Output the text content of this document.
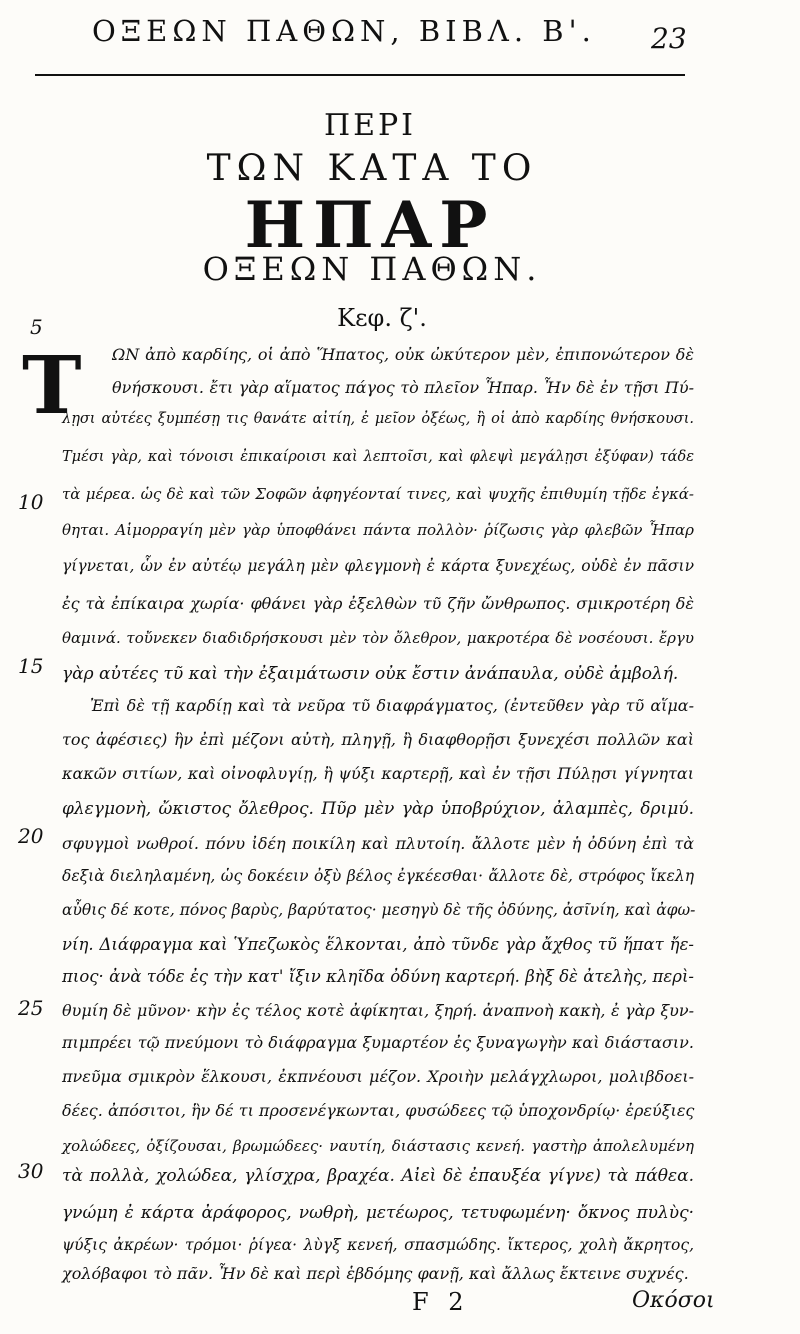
ΟΞΕΩΝ ΠΑΘΩΝ, ΒΙΒΛ. Β'. 23
ΠΕΡΙ
ΤΩΝ ΚΑΤΑ ΤΟ
ΗΠΑΡ
ΟΞΕΩΝ ΠΑΘΩΝ.
Κεφ. ζ'.
5
10
15
20
25
30
Τ ΩΝ ἀπὸ καρδίης, οἱ ἀπὸ Ἥπατος, οὐκ ὠκύτερον μὲν, ἐπιπονώτερον δὲ
θνήσκουσι. ἔτι γὰρ αἵματος πάγος τὸ πλεῖον Ἧπαρ. Ἦν δὲ ἐν τῇσι Πύ-
λῃσι αὐτέες ξυμπέσῃ τις θανάτε αἰτίη, ἐ μεῖον ὀξέως, ἢ οἱ ἀπὸ καρδίης θνήσκουσι.
Τμέσι γὰρ, καὶ τόνοισι ἐπικαίροισι καὶ λεπτοῖσι, καὶ φλεψὶ μεγάλῃσι ἐξύφαν) τάδε
τὰ μέρεα. ὡς δὲ καὶ τῶν Σοφῶν ἀφηγέονταί τινες, καὶ ψυχῆς ἐπιθυμίη τῇδε ἐγκά-
θηται. Αἱμορραγίη μὲν γὰρ ὑποφθάνει πάντα πολλὸν· ῥίζωσις γὰρ φλεβῶν Ἧπαρ
γίγνεται, ὧν ἐν αὐτέῳ μεγάλη μὲν φλεγμονὴ ἐ κάρτα ξυνεχέως, οὐδὲ ἐν πᾶσιν
ἐς τὰ ἐπίκαιρα χωρία· φθάνει γὰρ ἐξελθὼν τῦ ζῆν ὤνθρωπος. σμικροτέρη δὲ
θαμινά. τοὔνεκεν διαδιδρήσκουσι μὲν τὸν ὄλεθρον, μακροτέρα δὲ νοσέουσι. ἔργυ
γὰρ αὐτέες τῦ καὶ τὴν ἐξαιμάτωσιν οὐκ ἔστιν ἀνάπαυλα, οὐδὲ ἀμβολή.
Ἐπὶ δὲ τῇ καρδίῃ καὶ τὰ νεῦρα τῦ διαφράγματος, (ἐντεῦθεν γὰρ τῦ αἵμα-
τος ἀφέσιες) ἣν ἐπὶ μέζονι αὐτὴ, πληγῇ, ἢ διαφθορῇσι ξυνεχέσι πολλῶν καὶ
κακῶν σιτίων, καὶ οἰνοφλυγίῃ, ἢ ψύξι καρτερῇ, καὶ ἐν τῇσι Πύλῃσι γίγνηται
φλεγμονὴ, ὤκιστος ὄλεθρος. Πῦρ μὲν γὰρ ὑποβρύχιον, ἀλαμπὲς, δριμύ.
σφυγμοὶ νωθροί. πόνυ ἰδέη ποικίλη καὶ πλυτοίη. ἄλλοτε μὲν ἡ ὀδύνη ἐπὶ τὰ
δεξιὰ διεληλαμένη, ὡς δοκέειν ὀξὺ βέλος ἐγκέεσθαι· ἄλλοτε δὲ, στρόφος ἴκελη
αὖθις δέ κοτε, πόνος βαρὺς, βαρύτατος· μεσηγὺ δὲ τῆς ὀδύνης, ἀσῖνίη, καὶ ἀφω-
νίη. Διάφραγμα καὶ Ὑπεζωκὸς ἕλκονται, ἀπὸ τῦνδε γὰρ ἄχθος τῦ ἥπατ ἤε-
πιος· ἀνὰ τόδε ἐς τὴν κατ' ἴξιν κληῖδα ὀδύνη καρτερή. βὴξ δὲ ἀτελὴς, περὶ-
θυμίη δὲ μῦνον· κὴν ἐς τέλος κοτὲ ἀφίκηται, ξηρή. ἀναπνοὴ κακὴ, ἐ γὰρ ξυν-
πιμπρέει τῷ πνεύμονι τὸ διάφραγμα ξυμαρτέον ἐς ξυναγωγὴν καὶ διάστασιν.
πνεῦμα σμικρὸν ἕλκουσι, ἐκπνέουσι μέζον. Χροιὴν μελάγχλωροι, μολιβδοει-
δέες. ἀπόσιτοι, ἣν δέ τι προσενέγκωνται, φυσώδεες τῷ ὑποχονδρίῳ· ἐρεύξιες
χολώδεες, ὀξίζουσαι, βρωμώδεες· ναυτίη, διάστασις κενεή. γαστὴρ ἀπολελυμένη
τὰ πολλὰ, χολώδεα, γλίσχρα, βραχέα. Αἰεὶ δὲ ἐπαυξέα γίγνε) τὰ πάθεα.
γνώμη ἐ κάρτα ἀράφορος, νωθρὴ, μετέωρος, τετυφωμένη· ὄκνος πυλὺς·
ψύξις ἀκρέων· τρόμοι· ῥίγεα· λὺγξ κενεή, σπασμώδης. ἴκτερος, χολὴ ἄκρητος,
χολόβαφοι τὸ πᾶν. Ἦν δὲ καὶ περὶ ἑβδόμης φανῇ, καὶ ἄλλως ἔκτεινε συχνές.
F 2	Οκόσοι
